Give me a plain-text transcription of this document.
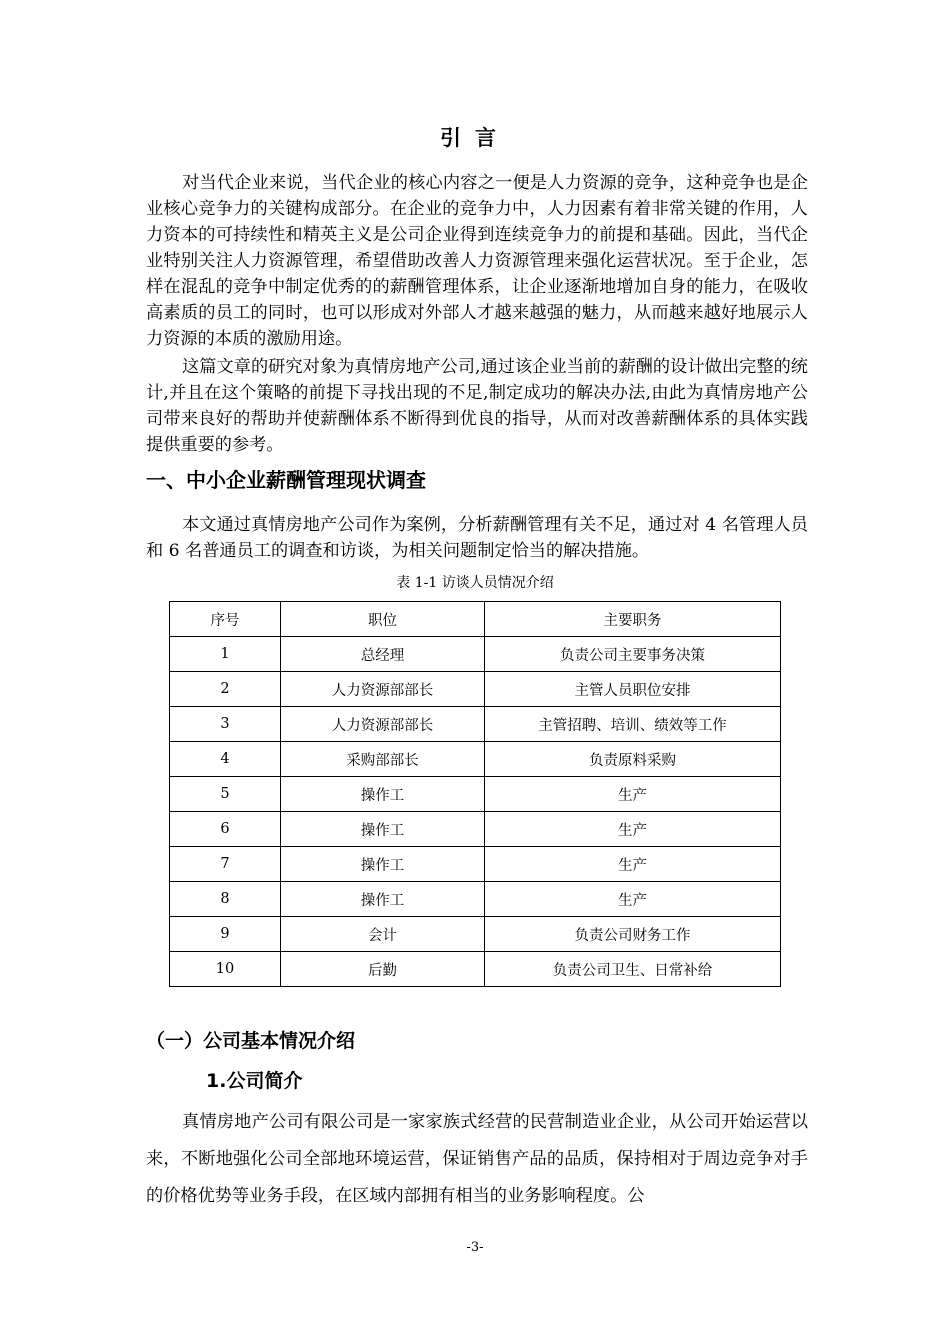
引言

对当代企业来说，当代企业的核心内容之一便是人力资源的竞争，这种竞争也是企业核心竞争力的关键构成部分。在企业的竞争力中，人力因素有着非常关键的作用，人力资本的可持续性和精英主义是公司企业得到连续竞争力的前提和基础。因此，当代企业特别关注人力资源管理，希望借助改善人力资源管理来强化运营状况。至于企业，怎样在混乱的竞争中制定优秀的的薪酬管理体系，让企业逐渐地增加自身的能力，在吸收高素质的员工的同时，也可以形成对外部人才越来越强的魅力，从而越来越好地展示人力资源的本质的激励用途。

这篇文章的研究对象为真情房地产公司,通过该企业当前的薪酬的设计做出完整的统计,并且在这个策略的前提下寻找出现的不足,制定成功的解决办法,由此为真情房地产公司带来良好的帮助并使薪酬体系不断得到优良的指导，从而对改善薪酬体系的具体实践提供重要的参考。

一、中小企业薪酬管理现状调查

本文通过真情房地产公司作为案例，分析薪酬管理有关不足，通过对 4 名管理人员和 6 名普通员工的调查和访谈，为相关问题制定恰当的解决措施。

表 1-1 访谈人员情况介绍
序号	职位	主要职务
1	总经理	负责公司主要事务决策
2	人力资源部部长	主管人员职位安排
3	人力资源部部长	主管招聘、培训、绩效等工作
4	采购部部长	负责原料采购
5	操作工	生产
6	操作工	生产
7	操作工	生产
8	操作工	生产
9	会计	负责公司财务工作
10	后勤	负责公司卫生、日常补给
（一）公司基本情况介绍
1.公司简介

真情房地产公司有限公司是一家家族式经营的民营制造业企业，从公司开始运营以来，不断地强化公司全部地环境运营，保证销售产品的品质，保持相对于周边竞争对手的价格优势等业务手段，在区域内部拥有相当的业务影响程度。公

-3-
